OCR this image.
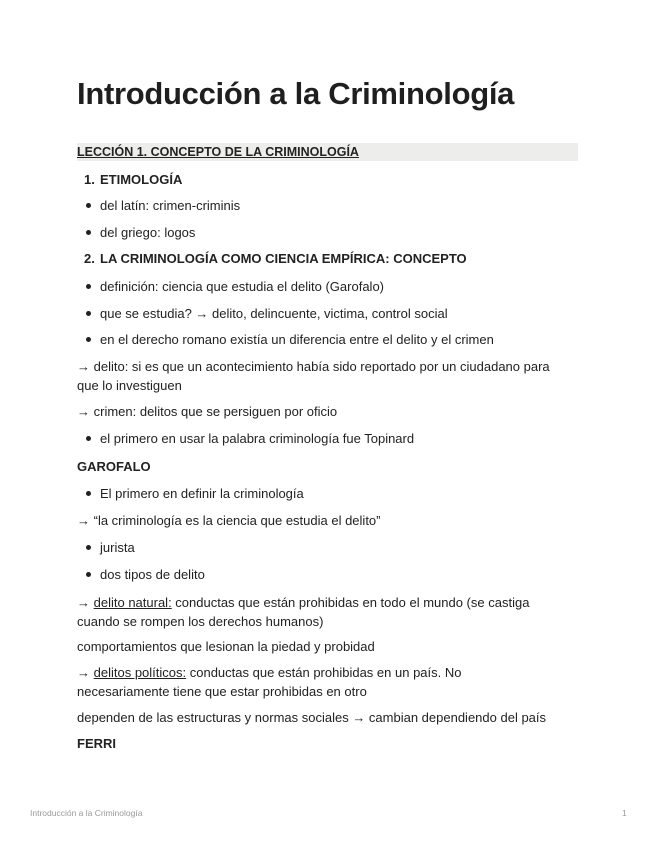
Introducción a la Criminología
LECCIÓN 1. CONCEPTO DE LA CRIMINOLOGÍA
1. ETIMOLOGÍA
del latín: crimen-criminis
del griego: logos
2. LA CRIMINOLOGÍA COMO CIENCIA EMPÍRICA: CONCEPTO
definición: ciencia que estudia el delito (Garofalo)
que se estudia? → delito, delincuente, victima, control social
en el derecho romano existía un diferencia entre el delito y el crimen
→ delito: si es que un acontecimiento había sido reportado por un ciudadano para
que lo investiguen
→ crimen: delitos que se persiguen por oficio
el primero en usar la palabra criminología fue Topinard
GAROFALO
El primero en definir la criminología
→ “la criminología es la ciencia que estudia el delito”
jurista
dos tipos de delito
→ delito natural: conductas que están prohibidas en todo el mundo (se castiga
cuando se rompen los derechos humanos)
comportamientos que lesionan la piedad y probidad
→ delitos políticos: conductas que están prohibidas en un país. No
necesariamente tiene que estar prohibidas en otro
dependen de las estructuras y normas sociales → cambian dependiendo del país
FERRI
Introducción a la Criminología	1
